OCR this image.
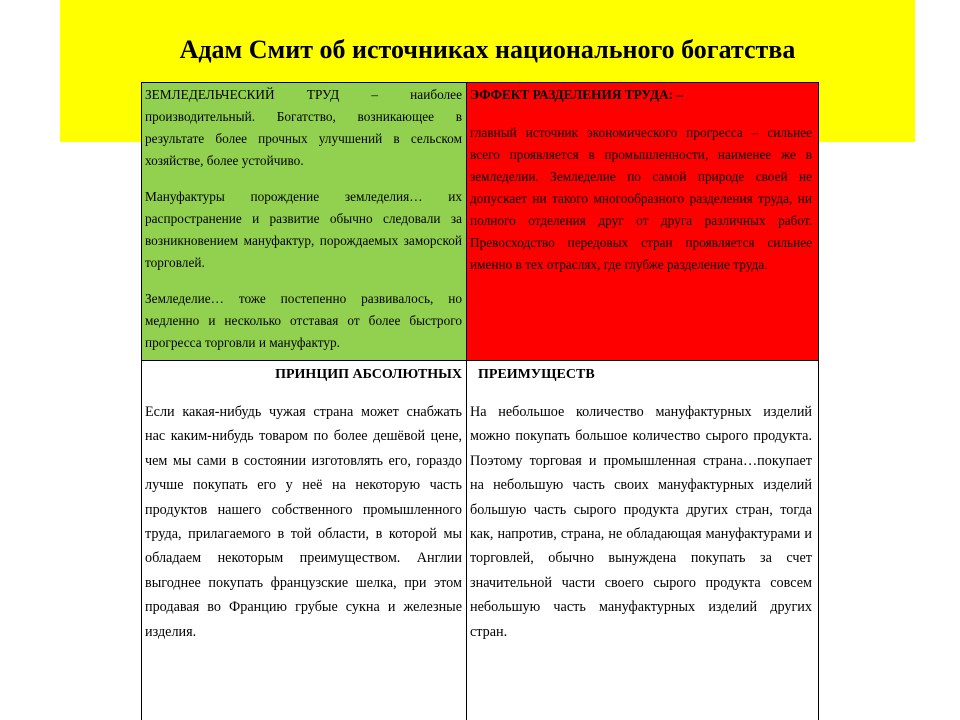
Адам Смит об источниках национального богатства

ЗЕМЛЕДЕЛЬЧЕСКИЙ ТРУД – наиболее производительный. Богатство, возникающее в результате более прочных улучшений в сельском хозяйстве, более устойчиво.

Мануфактуры порождение земледелия… их распространение и развитие обычно следовали за возникновением мануфактур, порождаемых заморской торговлей.

Земледелие… тоже постепенно развивалось, но медленно и несколько отставая от более быстрого прогресса торговли и мануфактур.

ЭФФЕКТ РАЗДЕЛЕНИЯ ТРУДА: –

главный источник экономического прогресса – сильнее всего проявляется в промышленности, наименее же в земледелии. Земледелие по самой природе своей не допускает ни такого многообразного разделения труда, ни полного отделения друг от друга различных работ. Превосходство передовых стран проявляется сильнее именно в тех отраслях, где глубже разделение труда.

ПРИНЦИП АБСОЛЮТНЫХ ПРЕИМУЩЕСТВ
Если какая-нибудь чужая страна может снабжать нас каким-нибудь товаром по более дешёвой цене, чем мы сами в состоянии изготовлять его, гораздо лучше покупать его у неё на некоторую часть продуктов нашего собственного промышленного труда, прилагаемого в той области, в которой мы обладаем некоторым преимуществом. Англии выгоднее покупать французские шелка, при этом продавая во Францию грубые сукна и железные изделия.
На небольшое количество мануфактурных изделий можно покупать большое количество сырого продукта. Поэтому торговая и промышленная страна…покупает на небольшую часть своих мануфактурных изделий большую часть сырого продукта других стран, тогда как, напротив, страна, не обладающая мануфактурами и торговлей, обычно вынуждена покупать за счет значительной части своего сырого продукта совсем небольшую часть мануфактурных изделий других стран.
